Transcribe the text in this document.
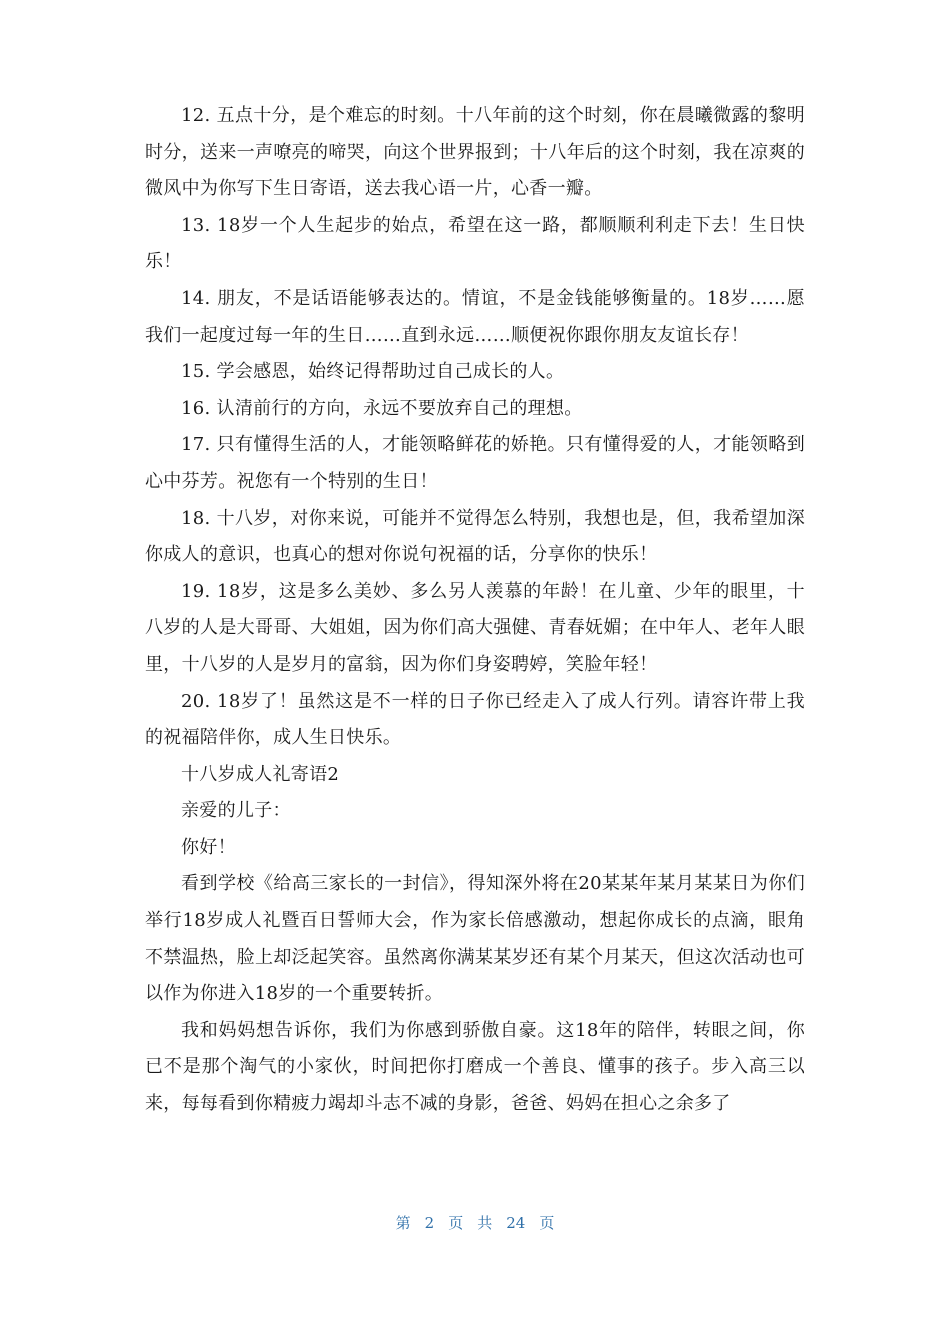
12. 五点十分，是个难忘的时刻。十八年前的这个时刻，你在晨曦微露的黎明时分，送来一声嘹亮的啼哭，向这个世界报到；十八年后的这个时刻，我在凉爽的微风中为你写下生日寄语，送去我心语一片，心香一瓣。

13. 18岁一个人生起步的始点，希望在这一路，都顺顺利利走下去！生日快乐！

14. 朋友，不是话语能够表达的。情谊，不是金钱能够衡量的。18岁……愿我们一起度过每一年的生日……直到永远……顺便祝你跟你朋友友谊长存！

15. 学会感恩，始终记得帮助过自己成长的人。

16. 认清前行的方向，永远不要放弃自己的理想。

17. 只有懂得生活的人，才能领略鲜花的娇艳。只有懂得爱的人，才能领略到心中芬芳。祝您有一个特别的生日！

18. 十八岁，对你来说，可能并不觉得怎么特别，我想也是，但，我希望加深你成人的意识，也真心的想对你说句祝福的话，分享你的快乐！

19. 18岁，这是多么美妙、多么另人羡慕的年龄！在儿童、少年的眼里，十八岁的人是大哥哥、大姐姐，因为你们高大强健、青春妩媚；在中年人、老年人眼里，十八岁的人是岁月的富翁，因为你们身姿聘婷，笑脸年轻！

20. 18岁了！虽然这是不一样的日子你已经走入了成人行列。请容许带上我的祝福陪伴你，成人生日快乐。

十八岁成人礼寄语2

亲爱的儿子：

你好！

看到学校《给高三家长的一封信》，得知深外将在20某某年某月某某日为你们举行18岁成人礼暨百日誓师大会，作为家长倍感激动，想起你成长的点滴，眼角不禁温热，脸上却泛起笑容。虽然离你满某某岁还有某个月某天，但这次活动也可以作为你进入18岁的一个重要转折。

我和妈妈想告诉你，我们为你感到骄傲自豪。这18年的陪伴，转眼之间，你已不是那个淘气的小家伙，时间把你打磨成一个善良、懂事的孩子。步入高三以来，每每看到你精疲力竭却斗志不减的身影，爸爸、妈妈在担心之余多了

第 2 页 共 24 页
